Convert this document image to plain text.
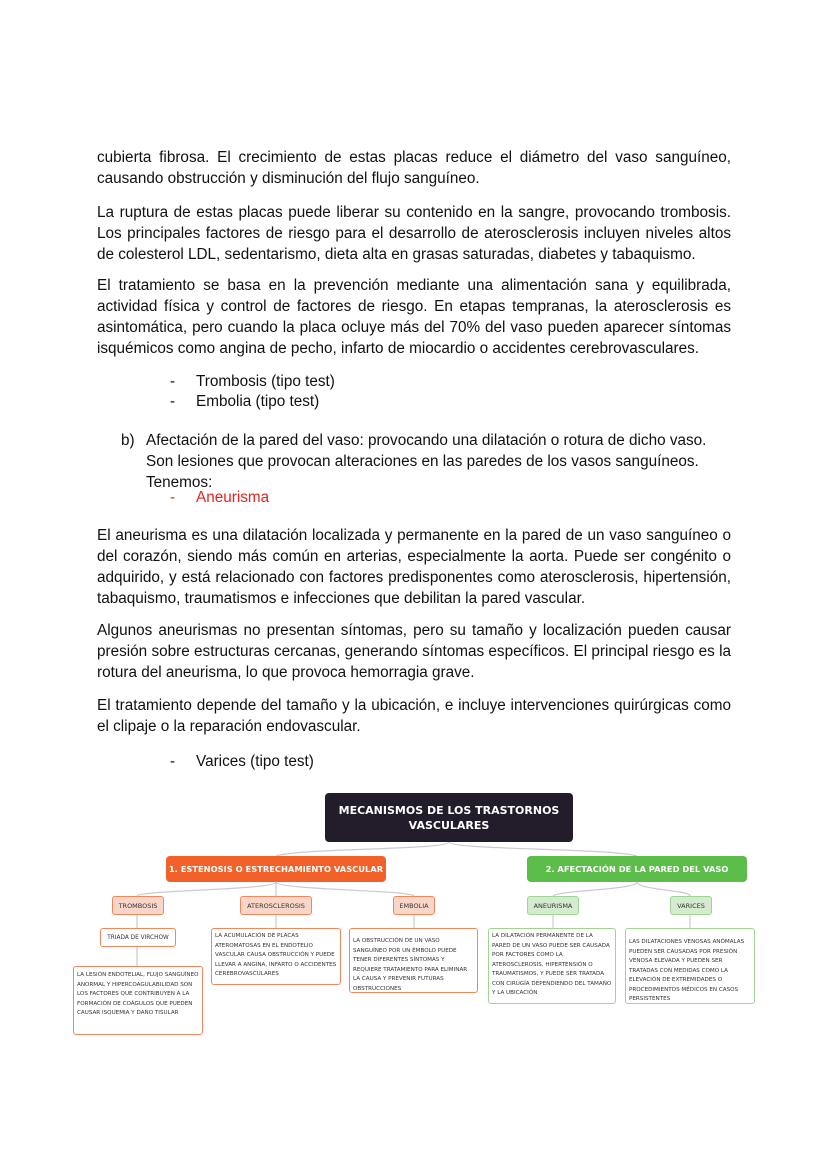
cubierta fibrosa. El crecimiento de estas placas reduce el diámetro del vaso sanguíneo, causando obstrucción y disminución del flujo sanguíneo.

La ruptura de estas placas puede liberar su contenido en la sangre, provocando trombosis. Los principales factores de riesgo para el desarrollo de aterosclerosis incluyen niveles altos de colesterol LDL, sedentarismo, dieta alta en grasas saturadas, diabetes y tabaquismo.

El tratamiento se basa en la prevención mediante una alimentación sana y equilibrada, actividad física y control de factores de riesgo. En etapas tempranas, la aterosclerosis es asintomática, pero cuando la placa ocluye más del 70% del vaso pueden aparecer síntomas isquémicos como angina de pecho, infarto de miocardio o accidentes cerebrovasculares.

- Trombosis (tipo test)
- Embolia (tipo test)
b) Afectación de la pared del vaso: provocando una dilatación o rotura de dicho vaso. Son lesiones que provocan alteraciones en las paredes de los vasos sanguíneos. Tenemos:
- Aneurisma

El aneurisma es una dilatación localizada y permanente en la pared de un vaso sanguíneo o del corazón, siendo más común en arterias, especialmente la aorta. Puede ser congénito o adquirido, y está relacionado con factores predisponentes como aterosclerosis, hipertensión, tabaquismo, traumatismos e infecciones que debilitan la pared vascular.

Algunos aneurismas no presentan síntomas, pero su tamaño y localización pueden causar presión sobre estructuras cercanas, generando síntomas específicos. El principal riesgo es la rotura del aneurisma, lo que provoca hemorragia grave.

El tratamiento depende del tamaño y la ubicación, e incluye intervenciones quirúrgicas como el clipaje o la reparación endovascular.

- Varices (tipo test)
MECANISMOS DE LOS TRASTORNOS VASCULARES
1. ESTENOSIS O ESTRECHAMIENTO VASCULAR	2. AFECTACIÓN DE LA PARED DEL VASO
TROMBOSIS	ATEROSCLEROSIS	EMBOLIA	ANEURISMA	VARICES
TRIADA DE VIRCHOW
LA LESIÓN ENDOTELIAL, FLUJO SANGUÍNEO ANORMAL Y HIPERCOAGULABILIDAD SON LOS FACTORES QUE CONTRIBUYEN A LA FORMACIÓN DE COÁGULOS QUE PUEDEN CAUSAR ISQUEMIA Y DAÑO TISULAR
LA ACUMULACIÓN DE PLACAS ATEROMATOSAS EN EL ENDOTELIO VASCULAR CAUSA OBSTRUCCIÓN Y PUEDE LLEVAR A ANGINA, INFARTO O ACCIDENTES CEREBROVASCULARES
LA OBSTRUCCIÓN DE UN VASO SANGUÍNEO POR UN ÉMBOLO PUEDE TENER DIFERENTES SÍNTOMAS Y REQUIERE TRATAMIENTO PARA ELIMINAR LA CAUSA Y PREVENIR FUTURAS OBSTRUCCIONES
LA DILATACIÓN PERMANENTE DE LA PARED DE UN VASO PUEDE SER CAUSADA POR FACTORES COMO LA ATEROSCLEROSIS, HIPERTENSIÓN O TRAUMATISMOS, Y PUEDE SER TRATADA CON CIRUGÍA DEPENDIENDO DEL TAMAÑO Y LA UBICACIÓN
LAS DILATACIONES VENOSAS ANÓMALAS PUEDEN SER CAUSADAS POR PRESIÓN VENOSA ELEVADA Y PUEDEN SER TRATADAS CON MEDIDAS COMO LA ELEVACIÓN DE EXTREMIDADES O PROCEDIMIENTOS MÉDICOS EN CASOS PERSISTENTES
